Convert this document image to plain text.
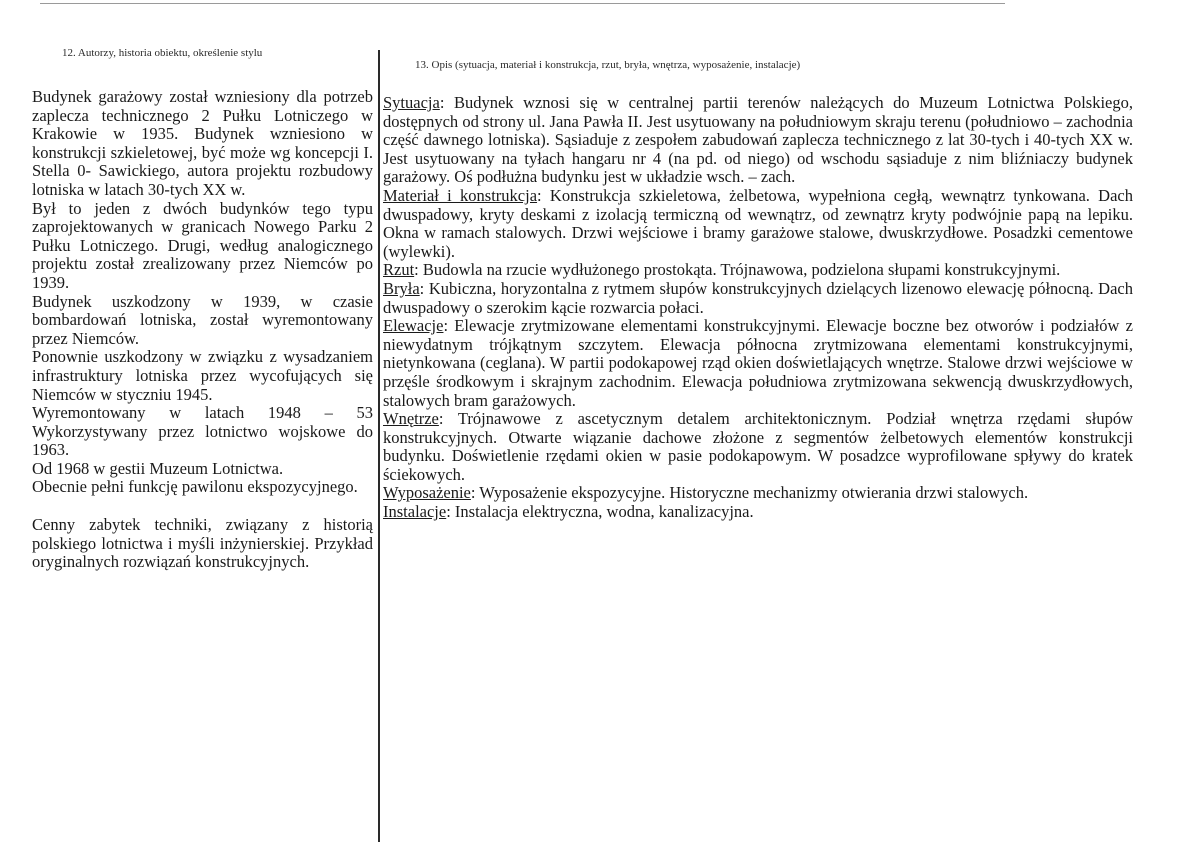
12. Autorzy, historia obiektu, określenie stylu
13. Opis (sytuacja, materiał i konstrukcja, rzut, bryła, wnętrza, wyposażenie, instalacje)

Budynek garażowy został wzniesiony dla potrzeb zaplecza technicznego 2 Pułku Lotniczego w Krakowie w 1935. Budynek wzniesiono w konstrukcji szkieletowej, być może wg koncepcji I. Stella 0- Sawickiego, autora projektu rozbudowy lotniska w latach 30-tych XX w.

Był to jeden z dwóch budynków tego typu zaprojektowanych w granicach Nowego Parku 2 Pułku Lotniczego. Drugi, według analogicznego projektu został zrealizowany przez Niemców po 1939.

Budynek uszkodzony w 1939, w czasie bombardowań lotniska, został wyremontowany przez Niemców.

Ponownie uszkodzony w związku z wysadzaniem infrastruktury lotniska przez wycofujących się Niemców w styczniu 1945.

Wyremontowany w latach 1948 – 53 Wykorzystywany przez lotnictwo wojskowe do 1963.

Od 1968 w gestii Muzeum Lotnictwa.

Obecnie pełni funkcję pawilonu ekspozycyjnego.

Cenny zabytek techniki, związany z historią polskiego lotnictwa i myśli inżynierskiej. Przykład oryginalnych rozwiązań konstrukcyjnych.

Sytuacja: Budynek wznosi się w centralnej partii terenów należących do Muzeum Lotnictwa Polskiego, dostępnych od strony ul. Jana Pawła II. Jest usytuowany na południowym skraju terenu (południowo – zachodnia część dawnego lotniska). Sąsiaduje z zespołem zabudowań zaplecza technicznego z lat 30-tych i 40-tych XX w. Jest usytuowany na tyłach hangaru nr 4 (na pd. od niego) od wschodu sąsiaduje z nim bliźniaczy budynek garażowy. Oś podłużna budynku jest w układzie wsch. – zach.

Materiał i konstrukcja: Konstrukcja szkieletowa, żelbetowa, wypełniona cegłą, wewnątrz tynkowana. Dach dwuspadowy, kryty deskami z izolacją termiczną od wewnątrz, od zewnątrz kryty podwójnie papą na lepiku. Okna w ramach stalowych. Drzwi wejściowe i bramy garażowe stalowe, dwuskrzydłowe. Posadzki cementowe (wylewki).

Rzut: Budowla na rzucie wydłużonego prostokąta. Trójnawowa, podzielona słupami konstrukcyjnymi.

Bryła: Kubiczna, horyzontalna z rytmem słupów konstrukcyjnych dzielących lizenowo elewację północną. Dach dwuspadowy o szerokim kącie rozwarcia połaci.

Elewacje: Elewacje zrytmizowane elementami konstrukcyjnymi. Elewacje boczne bez otworów i podziałów z niewydatnym trójkątnym szczytem. Elewacja północna zrytmizowana elementami konstrukcyjnymi, nietynkowana (ceglana). W partii podokapowej rząd okien doświetlających wnętrze. Stalowe drzwi wejściowe w przęśle środkowym i skrajnym zachodnim. Elewacja południowa zrytmizowana sekwencją dwuskrzydłowych, stalowych bram garażowych.

Wnętrze: Trójnawowe z ascetycznym detalem architektonicznym. Podział wnętrza rzędami słupów konstrukcyjnych. Otwarte wiązanie dachowe złożone z segmentów żelbetowych elementów konstrukcji budynku. Doświetlenie rzędami okien w pasie podokapowym. W posadzce wyprofilowane spływy do kratek ściekowych.

Wyposażenie: Wyposażenie ekspozycyjne. Historyczne mechanizmy otwierania drzwi stalowych.

Instalacje: Instalacja elektryczna, wodna, kanalizacyjna.
